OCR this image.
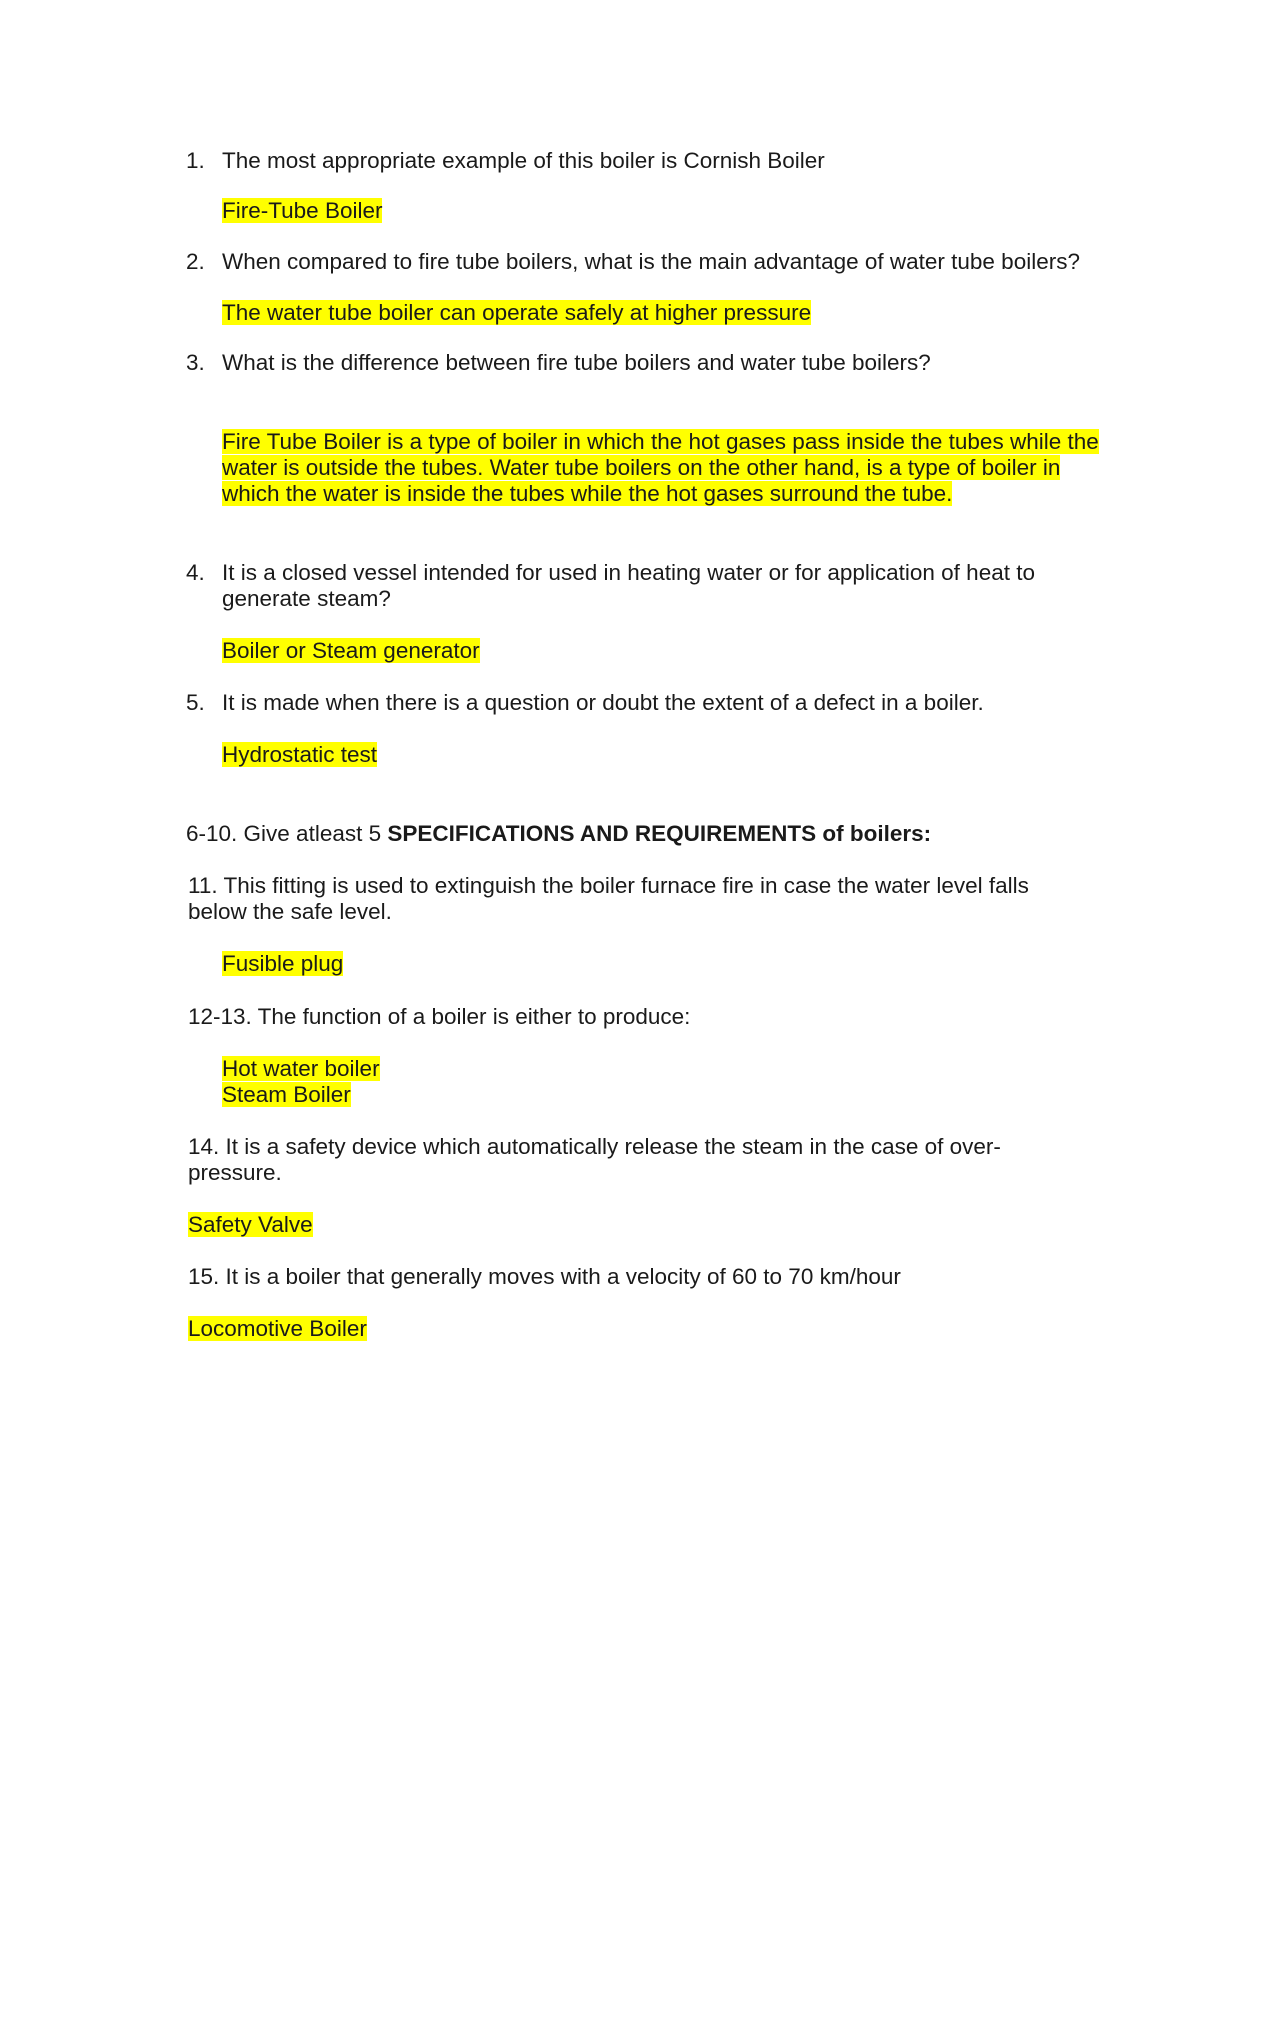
1. The most appropriate example of this boiler is Cornish Boiler

Fire-Tube Boiler

2. When compared to fire tube boilers, what is the main advantage of water tube boilers?

The water tube boiler can operate safely at higher pressure

3. What is the difference between fire tube boilers and water tube boilers?

Fire Tube Boiler is a type of boiler in which the hot gases pass inside the tubes while the

water is outside the tubes. Water tube boilers on the other hand, is a type of boiler in

which the water is inside the tubes while the hot gases surround the tube.

4. It is a closed vessel intended for used in heating water or for application of heat to

generate steam?

Boiler or Steam generator

5. It is made when there is a question or doubt the extent of a defect in a boiler.

Hydrostatic test

6-10. Give atleast 5 SPECIFICATIONS AND REQUIREMENTS of boilers:

11. This fitting is used to extinguish the boiler furnace fire in case the water level falls

below the safe level.

Fusible plug

12-13. The function of a boiler is either to produce:

Hot water boiler

Steam Boiler

14. It is a safety device which automatically release the steam in the case of over-

pressure.

Safety Valve

15. It is a boiler that generally moves with a velocity of 60 to 70 km/hour

Locomotive Boiler
